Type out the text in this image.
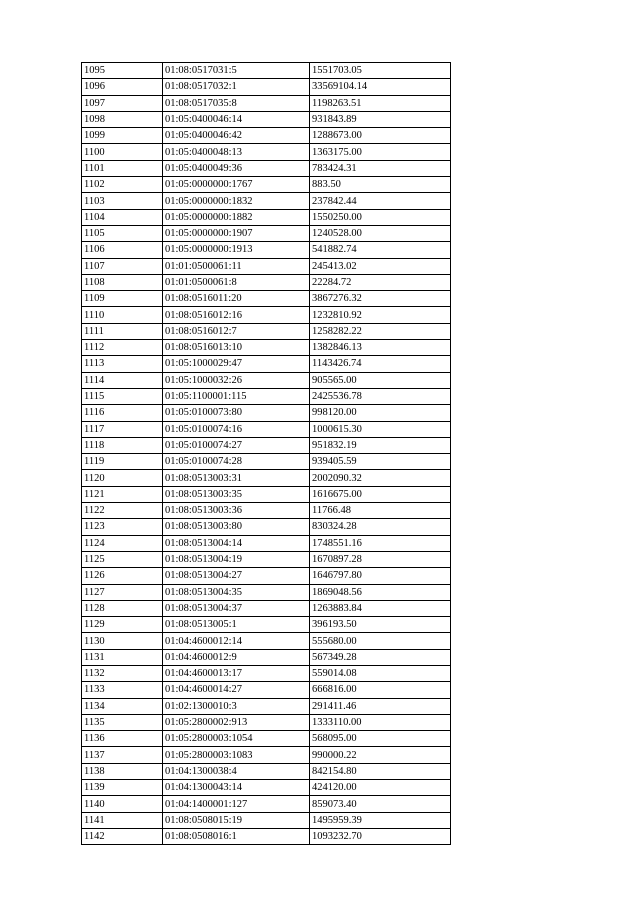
1095	01:08:0517031:5	1551703.05
1096	01:08:0517032:1	33569104.14
1097	01:08:0517035:8	1198263.51
1098	01:05:0400046:14	931843.89
1099	01:05:0400046:42	1288673.00
1100	01:05:0400048:13	1363175.00
1101	01:05:0400049:36	783424.31
1102	01:05:0000000:1767	883.50
1103	01:05:0000000:1832	237842.44
1104	01:05:0000000:1882	1550250.00
1105	01:05:0000000:1907	1240528.00
1106	01:05:0000000:1913	541882.74
1107	01:01:0500061:11	245413.02
1108	01:01:0500061:8	22284.72
1109	01:08:0516011:20	3867276.32
1110	01:08:0516012:16	1232810.92
1111	01:08:0516012:7	1258282.22
1112	01:08:0516013:10	1382846.13
1113	01:05:1000029:47	1143426.74
1114	01:05:1000032:26	905565.00
1115	01:05:1100001:115	2425536.78
1116	01:05:0100073:80	998120.00
1117	01:05:0100074:16	1000615.30
1118	01:05:0100074:27	951832.19
1119	01:05:0100074:28	939405.59
1120	01:08:0513003:31	2002090.32
1121	01:08:0513003:35	1616675.00
1122	01:08:0513003:36	11766.48
1123	01:08:0513003:80	830324.28
1124	01:08:0513004:14	1748551.16
1125	01:08:0513004:19	1670897.28
1126	01:08:0513004:27	1646797.80
1127	01:08:0513004:35	1869048.56
1128	01:08:0513004:37	1263883.84
1129	01:08:0513005:1	396193.50
1130	01:04:4600012:14	555680.00
1131	01:04:4600012:9	567349.28
1132	01:04:4600013:17	559014.08
1133	01:04:4600014:27	666816.00
1134	01:02:1300010:3	291411.46
1135	01:05:2800002:913	1333110.00
1136	01:05:2800003:1054	568095.00
1137	01:05:2800003:1083	990000.22
1138	01:04:1300038:4	842154.80
1139	01:04:1300043:14	424120.00
1140	01:04:1400001:127	859073.40
1141	01:08:0508015:19	1495959.39
1142	01:08:0508016:1	1093232.70
